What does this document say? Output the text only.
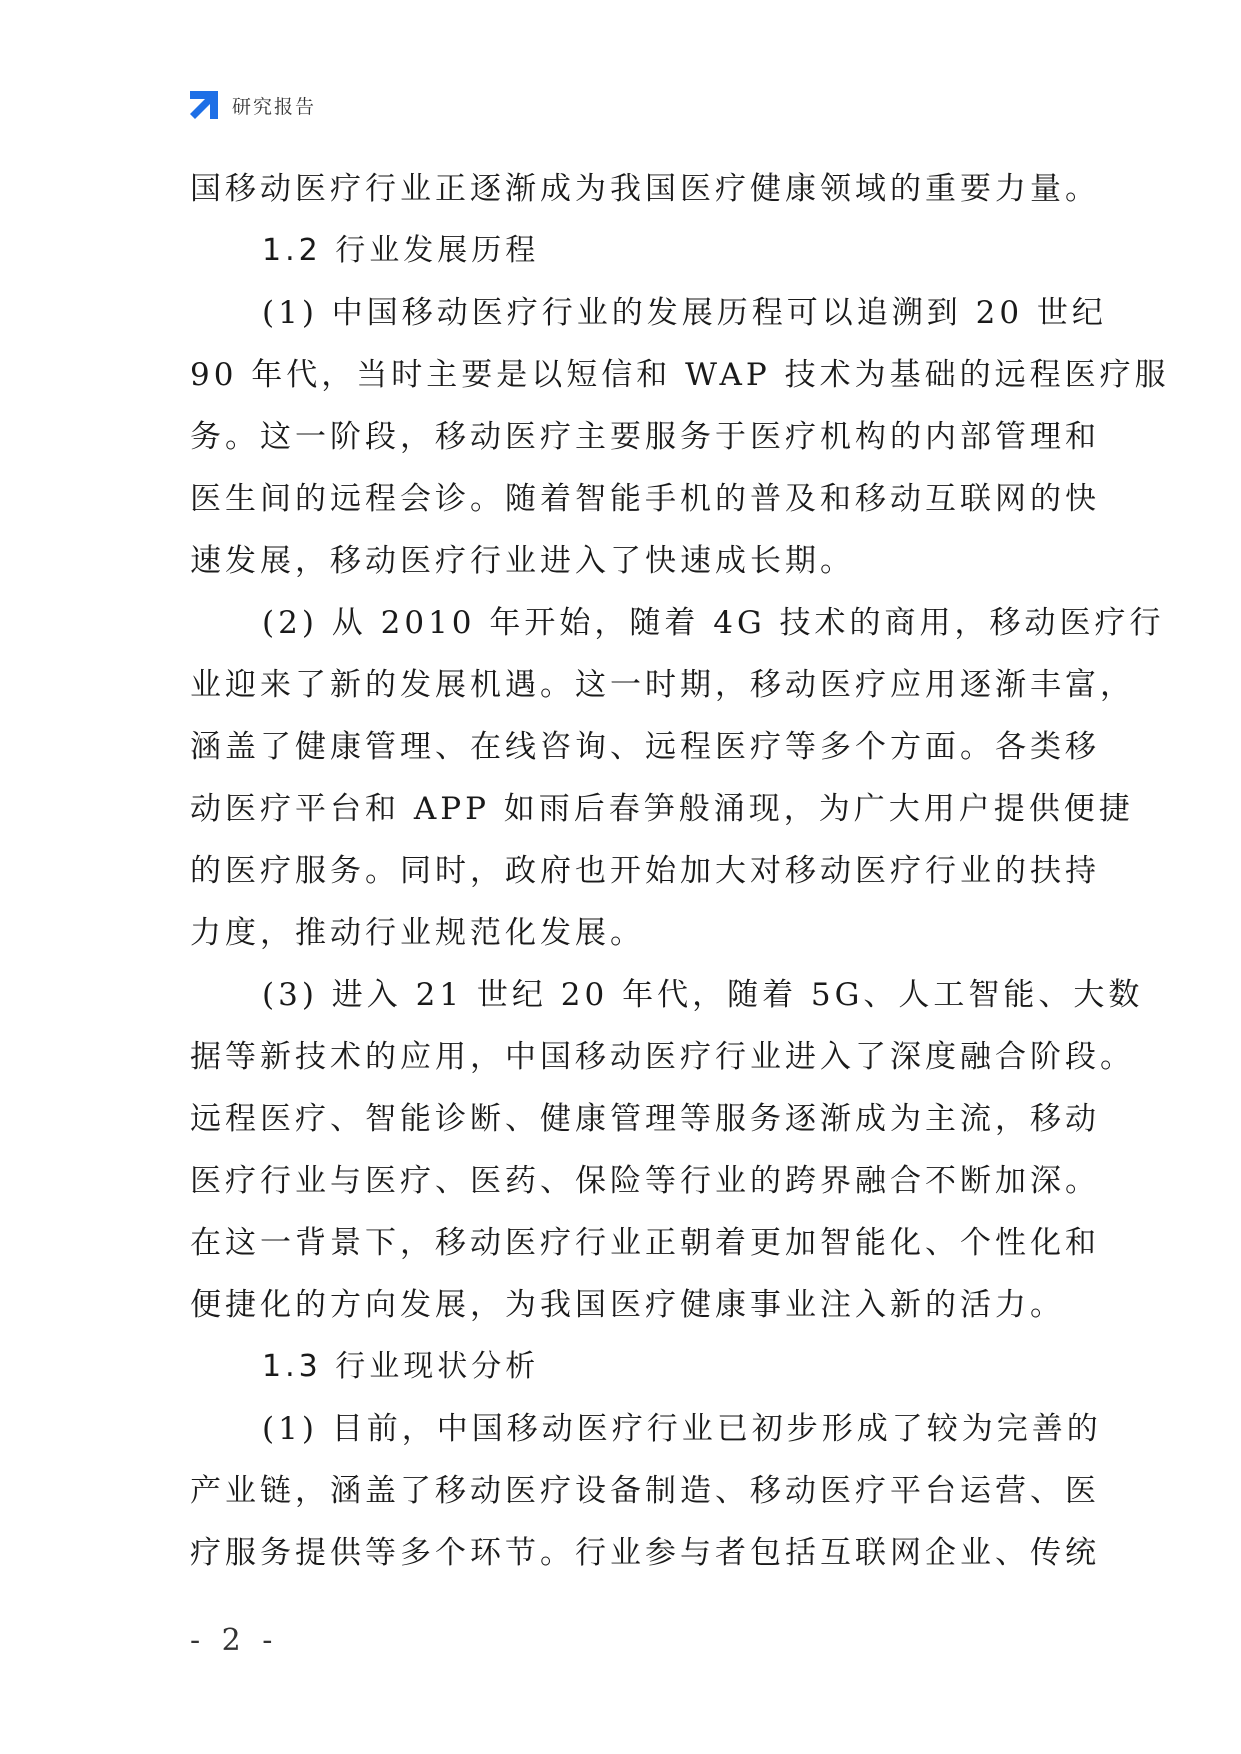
研究报告
国移动医疗行业正逐渐成为我国医疗健康领域的重要力量。
1.2 行业发展历程
(1) 中国移动医疗行业的发展历程可以追溯到 20 世纪
90 年代，当时主要是以短信和 WAP 技术为基础的远程医疗服
务。这一阶段，移动医疗主要服务于医疗机构的内部管理和
医生间的远程会诊。随着智能手机的普及和移动互联网的快
速发展，移动医疗行业进入了快速成长期。
(2) 从 2010 年开始，随着 4G 技术的商用，移动医疗行
业迎来了新的发展机遇。这一时期，移动医疗应用逐渐丰富，
涵盖了健康管理、在线咨询、远程医疗等多个方面。各类移
动医疗平台和 APP 如雨后春笋般涌现，为广大用户提供便捷
的医疗服务。同时，政府也开始加大对移动医疗行业的扶持
力度，推动行业规范化发展。
(3) 进入 21 世纪 20 年代，随着 5G、人工智能、大数
据等新技术的应用，中国移动医疗行业进入了深度融合阶段。
远程医疗、智能诊断、健康管理等服务逐渐成为主流，移动
医疗行业与医疗、医药、保险等行业的跨界融合不断加深。
在这一背景下，移动医疗行业正朝着更加智能化、个性化和
便捷化的方向发展，为我国医疗健康事业注入新的活力。
1.3 行业现状分析
(1) 目前，中国移动医疗行业已初步形成了较为完善的
产业链，涵盖了移动医疗设备制造、移动医疗平台运营、医
疗服务提供等多个环节。行业参与者包括互联网企业、传统
- 2 -
